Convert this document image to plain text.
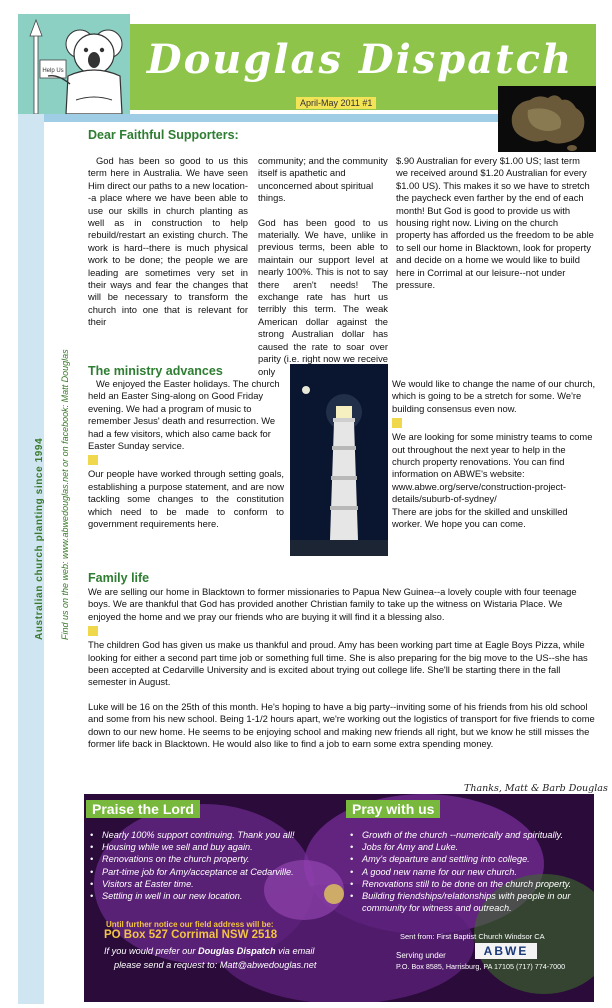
Help Us Douglas Dispatch
April-May 2011 #1
Australian church planting since 1994 Find us on the web: www.abwedouglas.net or on facebook: Matt Douglas
Dear Faithful Supporters:
God has been so good to us this term here in Australia. We have seen Him direct our paths to a new location--a place where we have been able to use our skills in church planting as well as in construction to help rebuild/restart an existing church. The work is hard--there is much physical work to be done; the people we are leading are sometimes very set in their ways and fear the changes that will be necessary to transform the church into one that is relevant for their

community; and the community itself is apathetic and unconcerned about spiritual things.

God has been good to us materially. We have, unlike in previous terms, been able to maintain our support level at nearly 100%. This is not to say there aren't needs! The exchange rate has hurt us terribly this term. The weak American dollar against the strong Australian dollar has caused the rate to soar over parity (i.e. right now we receive only

$.90 Australian for every $1.00 US; last term we received around $1.20 Australian for every $1.00 US). This makes it so we have to stretch the paycheck even farther by the end of each month! But God is good to provide us with housing right now. Living on the church property has afforded us the freedom to be able to sell our home in Blacktown, look for property and decide on a home we would like to build here in Corrimal at our leisure--not under pressure.
The ministry advances

We enjoyed the Easter holidays. The church held an Easter Sing-along on Good Friday evening. We had a program of music to remember Jesus' death and resurrection. We had a few visitors, which also came back for Easter Sunday service.

Our people have worked through setting goals, establishing a purpose statement, and are now tackling some changes to the constitution which need to be made to conform to government requirements here.

We would like to change the name of our church, which is going to be a stretch for some. We're building consensus even now.

We are looking for some ministry teams to come out throughout the next year to help in the church property renovations. You can find information on ABWE's website:

www.abwe.org/serve/construction-project-details/suburb-of-sydney/

There are jobs for the skilled and unskilled worker. We hope you can come.

Family life

We are selling our home in Blacktown to former missionaries to Papua New Guinea--a lovely couple with four teenage boys. We are thankful that God has provided another Christian family to take up the witness on Wistaria Place. We enjoyed the home and we pray our friends who are buying it will find it a blessing also.

The children God has given us make us thankful and proud. Amy has been working part time at Eagle Boys Pizza, while looking for either a second part time job or something full time. She is also preparing for the big move to the US--she has been accepted at Cedarville University and is excited about trying out college life. She'll be starting there in the fall semester in August.

Luke will be 16 on the 25th of this month. He's hoping to have a big party--inviting some of his friends from his old school and some from his new school. Being 1-1/2 hours apart, we're working out the logistics of transport for five friends to come down to our new home. He seems to be enjoying school and making new friends all right, but we know he still misses the former life back in Blacktown. He would also like to find a job to earn some extra spending money.

Thanks, Matt & Barb Douglas
Praise the Lord	Pray with us
• Nearly 100% support continuing. Thank you all!
• Housing while we sell and buy again.
• Renovations on the church property.
• Part-time job for Amy/acceptance at Cedarville.
• Visitors at Easter time.
• Settling in well in our new location.
• Growth of the church --numerically and spiritually.
• Jobs for Amy and Luke.
• Amy's departure and settling into college.
• A good new name for our new church.
• Renovations still to be done on the church property.
• Building friendships/relationships with people in our community for witness and outreach.
Until further notice our field address will be:
PO Box 527 Corrimal NSW 2518
If you would prefer our Douglas Dispatch via email
please send a request to: Matt@abwedouglas.net
Sent from: First Baptist Church Windsor CA
Serving under	ABWE
P.O. Box 8585, Harrisburg, PA 17105 (717) 774-7000
